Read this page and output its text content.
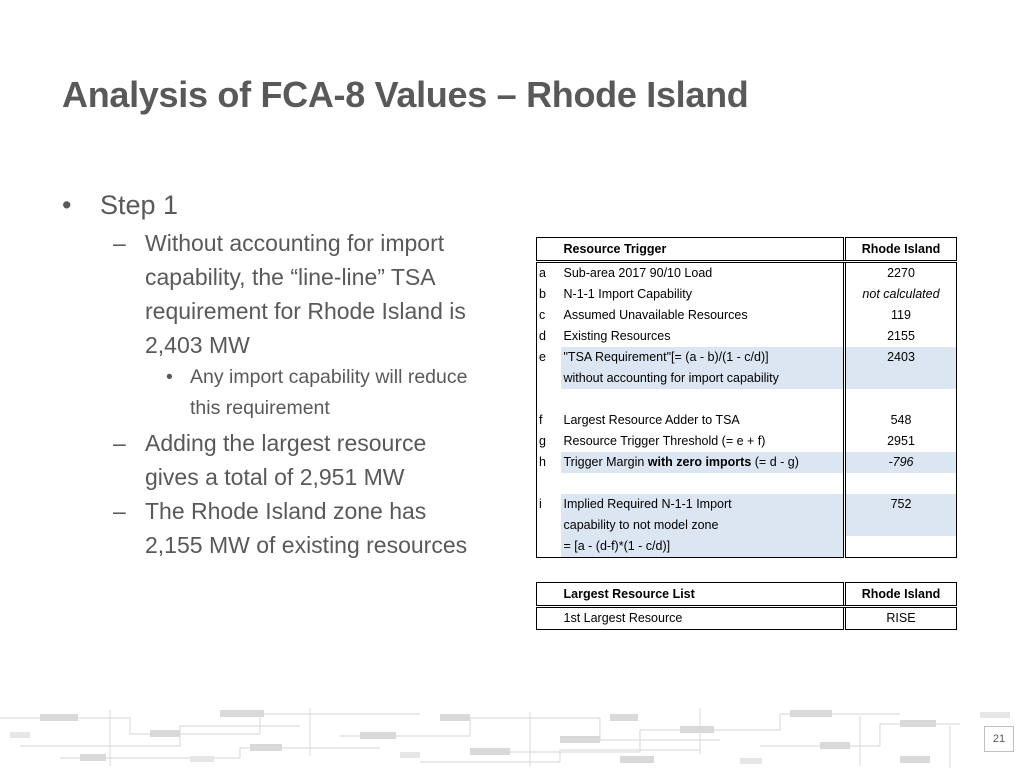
Analysis of FCA-8 Values – Rhode Island
• Step 1
– Without accounting for import capability, the “line-line” TSA requirement for Rhode Island is 2,403 MW
• Any import capability will reduce this requirement
– Adding the largest resource gives a total of 2,951 MW
– The Rhode Island zone has 2,155 MW of existing resources
	Resource Trigger	Rhode Island
a	Sub-area 2017 90/10 Load	2270
b	N-1-1 Import Capability	not calculated
c	Assumed Unavailable Resources	119
d	Existing Resources	2155
e	"TSA Requirement"[= (a - b)/(1 - c/d)]	2403
	without accounting for import capability	

f	Largest Resource Adder to TSA	548
g	Resource Trigger Threshold (= e + f)	2951
h	Trigger Margin with zero imports (= d - g)	-796

i	Implied Required N-1-1 Import	752
	capability to not model zone	
	= [a - (d-f)*(1 - c/d)]	
	Largest Resource List	Rhode Island
	1st Largest Resource	RISE
21
